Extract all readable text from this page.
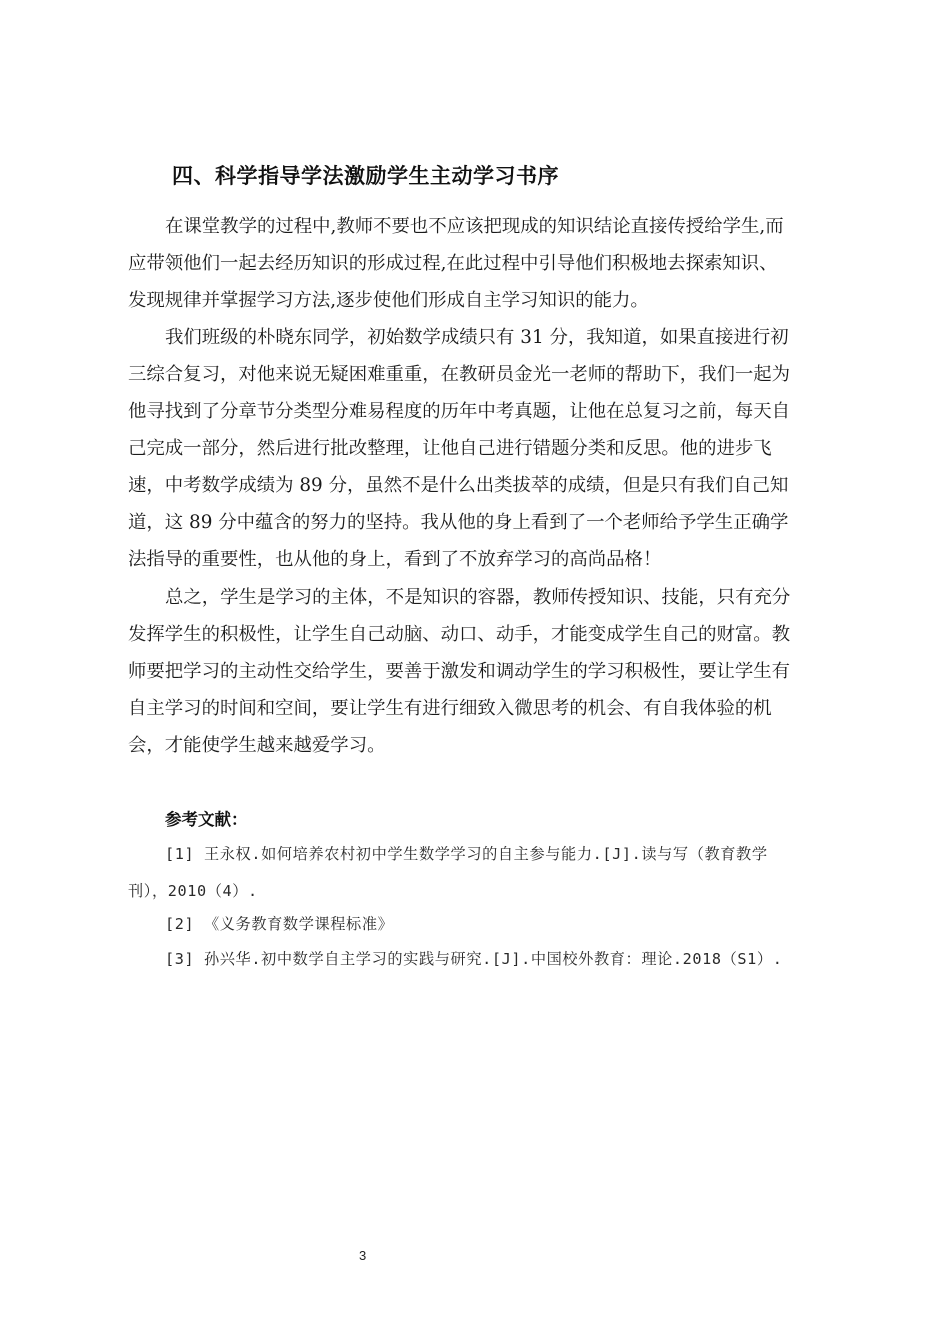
四、科学指导学法激励学生主动学习书序
在课堂教学的过程中,教师不要也不应该把现成的知识结论直接传授给学生,而
应带领他们一起去经历知识的形成过程,在此过程中引导他们积极地去探索知识、
发现规律并掌握学习方法,逐步使他们形成自主学习知识的能力。
我们班级的朴晓东同学，初始数学成绩只有 31 分，我知道，如果直接进行初
三综合复习，对他来说无疑困难重重，在教研员金光一老师的帮助下，我们一起为
他寻找到了分章节分类型分难易程度的历年中考真题，让他在总复习之前，每天自
己完成一部分，然后进行批改整理，让他自己进行错题分类和反思。他的进步飞
速，中考数学成绩为 89 分，虽然不是什么出类拔萃的成绩，但是只有我们自己知
道，这 89 分中蕴含的努力的坚持。我从他的身上看到了一个老师给予学生正确学
法指导的重要性，也从他的身上，看到了不放弃学习的高尚品格！
总之，学生是学习的主体，不是知识的容器，教师传授知识、技能，只有充分
发挥学生的积极性，让学生自己动脑、动口、动手，才能变成学生自己的财富。教
师要把学习的主动性交给学生，要善于激发和调动学生的学习积极性，要让学生有
自主学习的时间和空间，要让学生有进行细致入微思考的机会、有自我体验的机
会，才能使学生越来越爱学习。
参考文献：
[1] 王永权.如何培养农村初中学生数学学习的自主参与能力.[J].读与写（教育教学
刊），2010（4）.
[2] 《义务教育数学课程标准》
[3] 孙兴华.初中数学自主学习的实践与研究.[J].中国校外教育：理论.2018（S1）.
3
